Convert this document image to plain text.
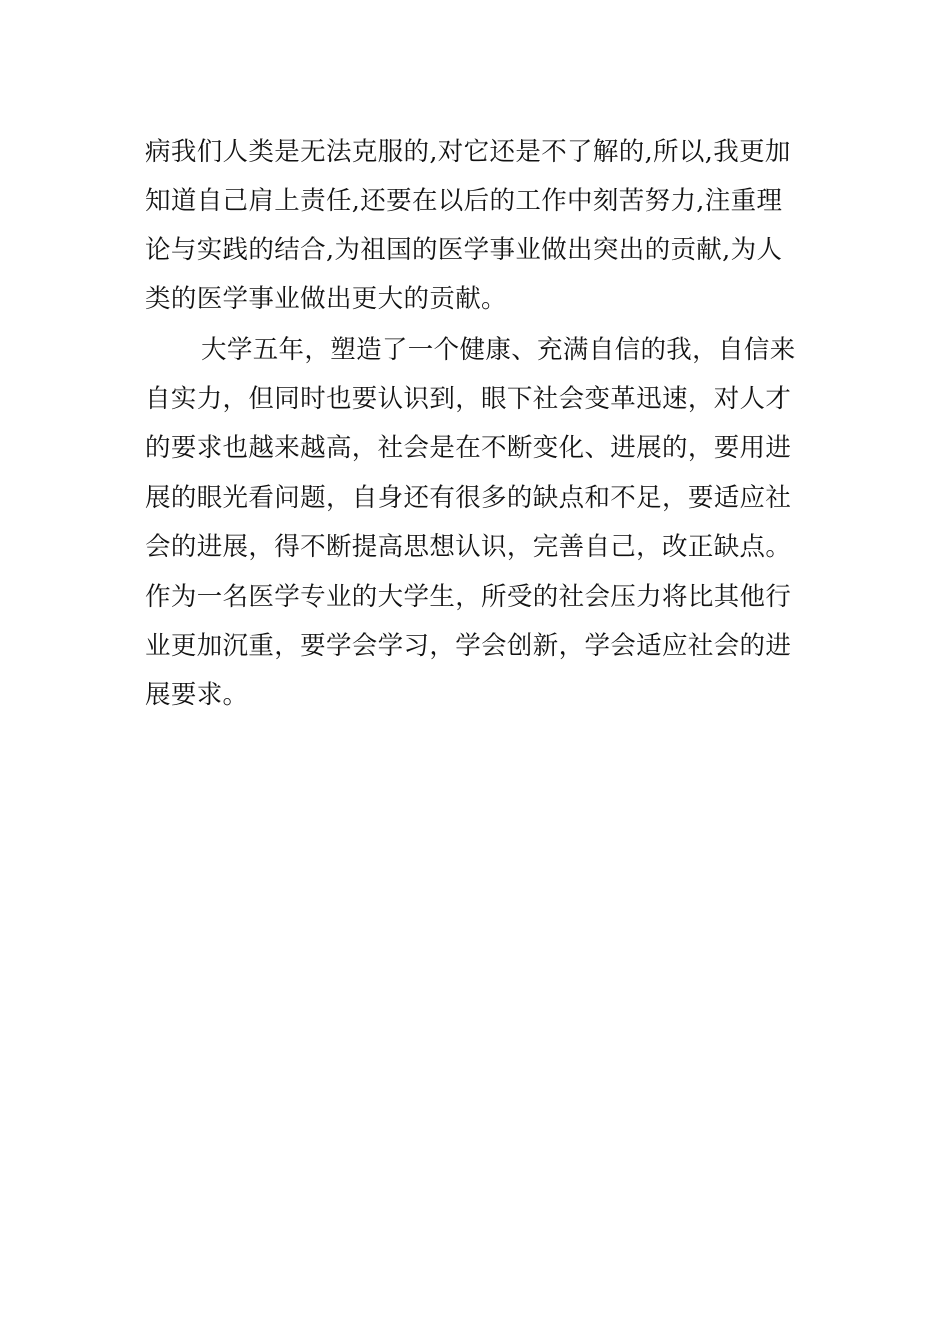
病我们人类是无法克服的,对它还是不了解的,所以,我更加
知道自己肩上责任,还要在以后的工作中刻苦努力,注重理
论与实践的结合,为祖国的医学事业做出突出的贡献,为人
类的医学事业做出更大的贡献。
大学五年，塑造了一个健康、充满自信的我，自信来
自实力，但同时也要认识到，眼下社会变革迅速，对人才
的要求也越来越高，社会是在不断变化、进展的，要用进
展的眼光看问题，自身还有很多的缺点和不足，要适应社
会的进展，得不断提高思想认识，完善自己，改正缺点。
作为一名医学专业的大学生，所受的社会压力将比其他行
业更加沉重，要学会学习，学会创新，学会适应社会的进
展要求。
